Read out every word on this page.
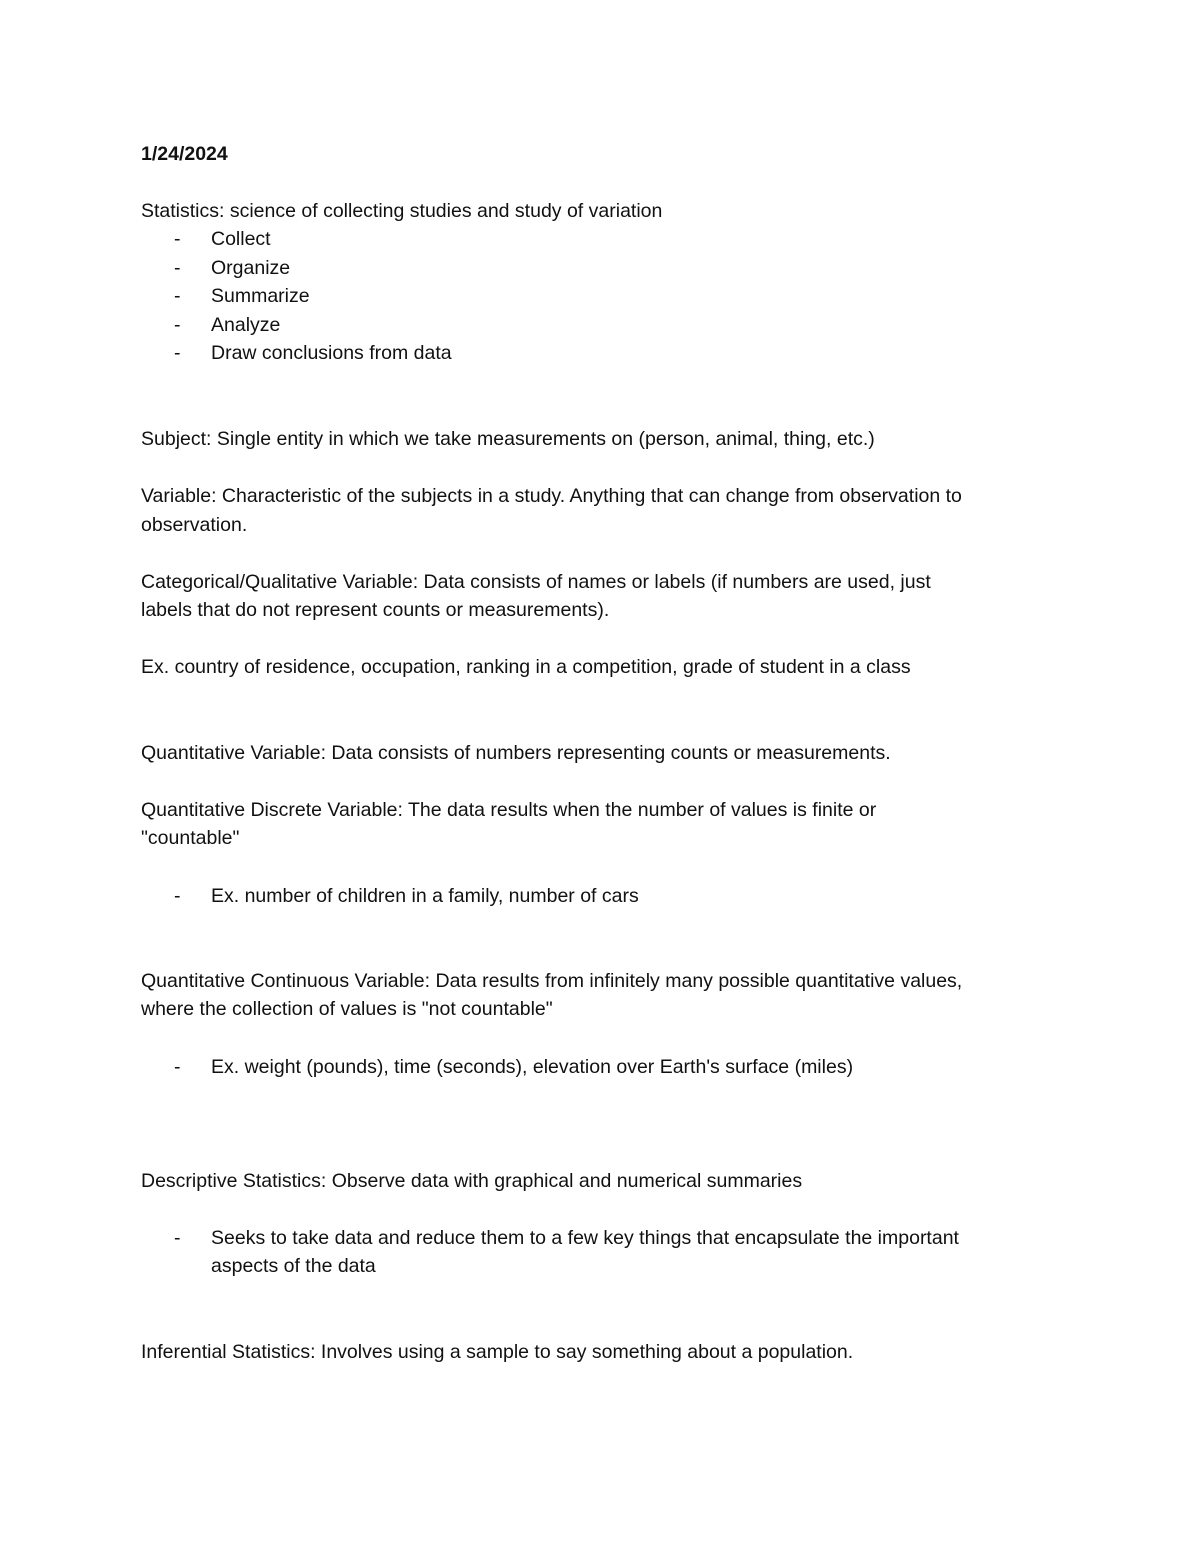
1/24/2024

Statistics: science of collecting studies and study of variation

- Collect
- Organize
- Summarize
- Analyze
- Draw conclusions from data

Subject: Single entity in which we take measurements on (person, animal, thing, etc.)

Variable: Characteristic of the subjects in a study. Anything that can change from observation to

observation.

Categorical/Qualitative Variable: Data consists of names or labels (if numbers are used, just

labels that do not represent counts or measurements).

Ex. country of residence, occupation, ranking in a competition, grade of student in a class

Quantitative Variable: Data consists of numbers representing counts or measurements.

Quantitative Discrete Variable: The data results when the number of values is finite or

"countable"

- Ex. number of children in a family, number of cars

Quantitative Continuous Variable: Data results from infinitely many possible quantitative values,

where the collection of values is "not countable"

- Ex. weight (pounds), time (seconds), elevation over Earth's surface (miles)

Descriptive Statistics: Observe data with graphical and numerical summaries

- Seeks to take data and reduce them to a few key things that encapsulate the important
aspects of the data

Inferential Statistics: Involves using a sample to say something about a population.
